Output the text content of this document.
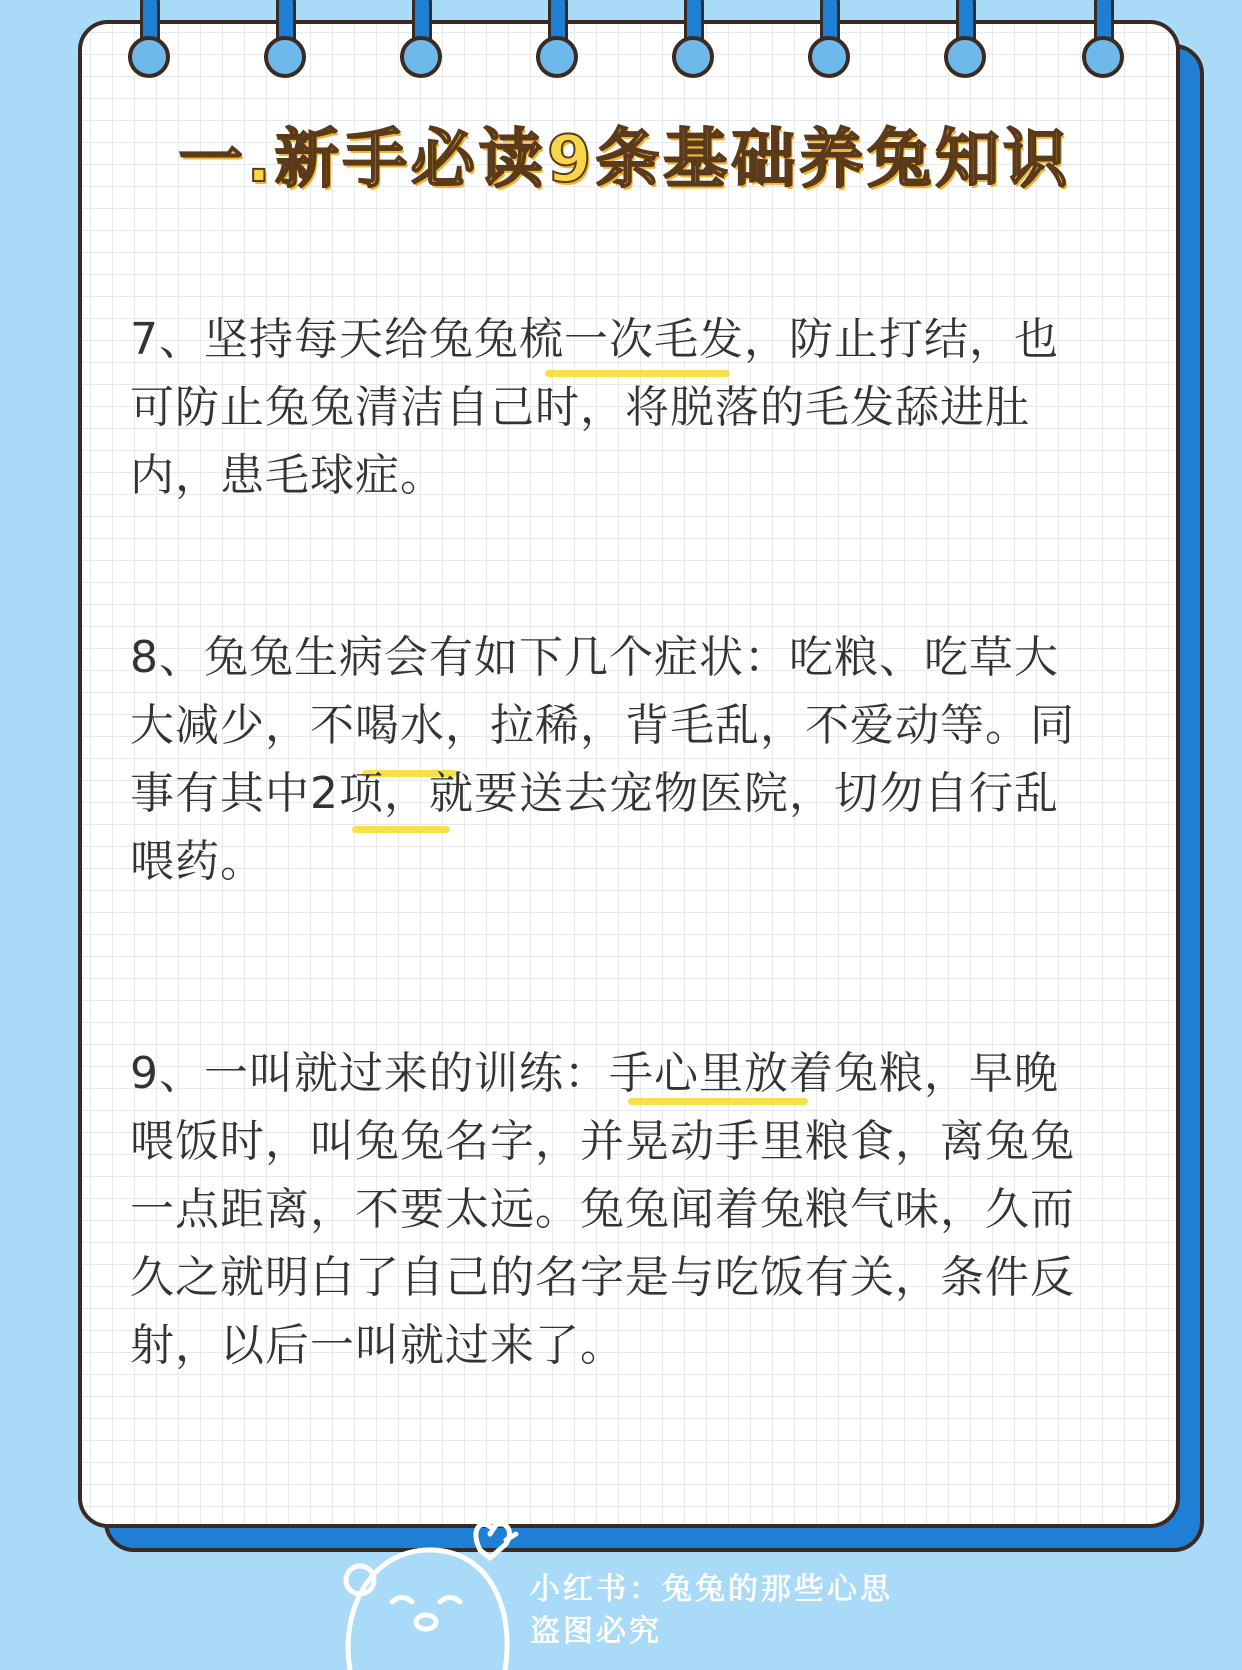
一.新手必读9条基础养兔知识

7、坚持每天给兔兔梳一次毛发，防止打结，也可防止兔兔清洁自己时，将脱落的毛发舔进肚内，患毛球症。

8、兔兔生病会有如下几个症状：吃粮、吃草大大减少，不喝水，拉稀，背毛乱，不爱动等。同事有其中2项，就要送去宠物医院，切勿自行乱喂药。

9、一叫就过来的训练：手心里放着兔粮，早晚喂饭时，叫兔兔名字，并晃动手里粮食，离兔兔一点距离，不要太远。兔兔闻着兔粮气味，久而久之就明白了自己的名字是与吃饭有关，条件反射，以后一叫就过来了。

小红书：兔兔的那些心思

盗图必究
